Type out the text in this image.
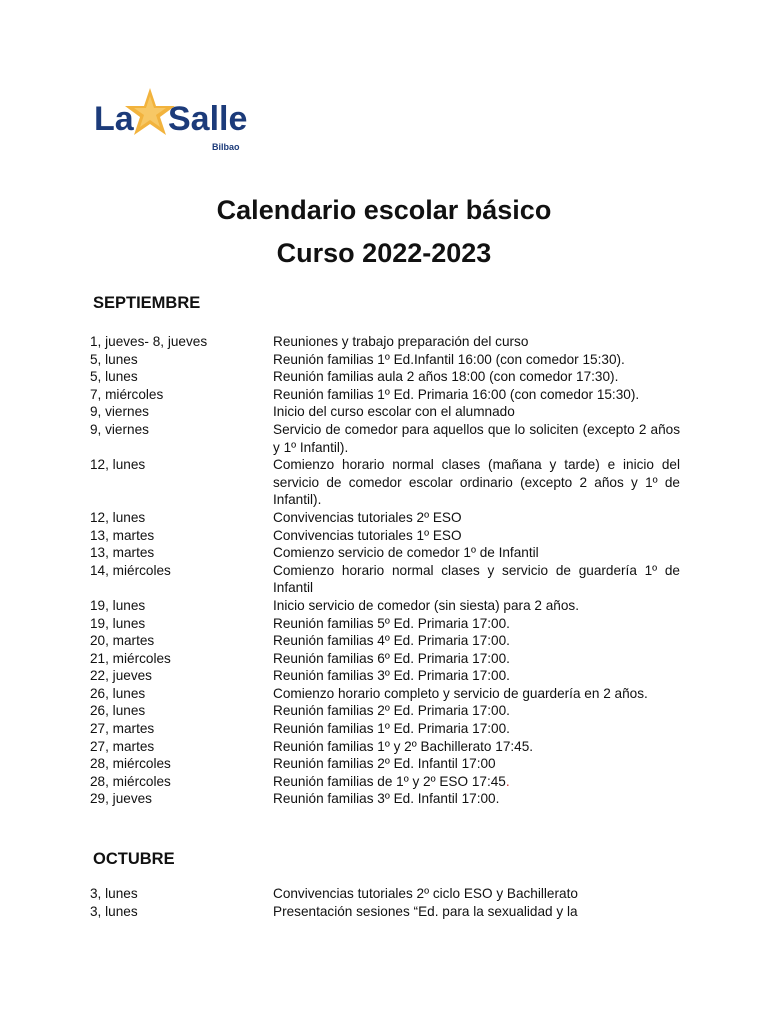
La Salle
Bilbao
Calendario escolar básico
Curso 2022-2023
SEPTIEMBRE
1, jueves- 8, jueves	Reuniones y trabajo preparación del curso
5, lunes	Reunión familias 1º Ed.Infantil 16:00 (con comedor 15:30).
5, lunes	Reunión familias aula 2 años 18:00 (con comedor 17:30).
7, miércoles	Reunión familias 1º Ed. Primaria 16:00 (con comedor 15:30).
9, viernes	Inicio del curso escolar con el alumnado
9, viernes	Servicio de comedor para aquellos que lo soliciten (excepto 2 años y 1º Infantil).
12, lunes	Comienzo horario normal clases (mañana y tarde) e inicio del servicio de comedor escolar ordinario (excepto 2 años y 1º de Infantil).
12, lunes	Convivencias tutoriales 2º ESO
13, martes	Convivencias tutoriales 1º ESO
13, martes	Comienzo servicio de comedor 1º de Infantil
14, miércoles	Comienzo horario normal clases y servicio de guardería 1º de Infantil
19, lunes	Inicio servicio de comedor (sin siesta) para 2 años.
19, lunes	Reunión familias 5º Ed. Primaria 17:00.
20, martes	Reunión familias 4º Ed. Primaria 17:00.
21, miércoles	Reunión familias 6º Ed. Primaria 17:00.
22, jueves	Reunión familias 3º Ed. Primaria 17:00.
26, lunes	Comienzo horario completo y servicio de guardería en 2 años.
26, lunes	Reunión familias 2º Ed. Primaria 17:00.
27, martes	Reunión familias 1º Ed. Primaria 17:00.
27, martes	Reunión familias 1º y 2º Bachillerato 17:45.
28, miércoles	Reunión familias 2º Ed. Infantil 17:00
28, miércoles	Reunión familias de 1º y 2º ESO 17:45.
29, jueves	Reunión familias 3º Ed. Infantil 17:00.
OCTUBRE
3, lunes	Convivencias tutoriales 2º ciclo ESO y Bachillerato
3, lunes	Presentación sesiones “Ed. para la sexualidad y la
